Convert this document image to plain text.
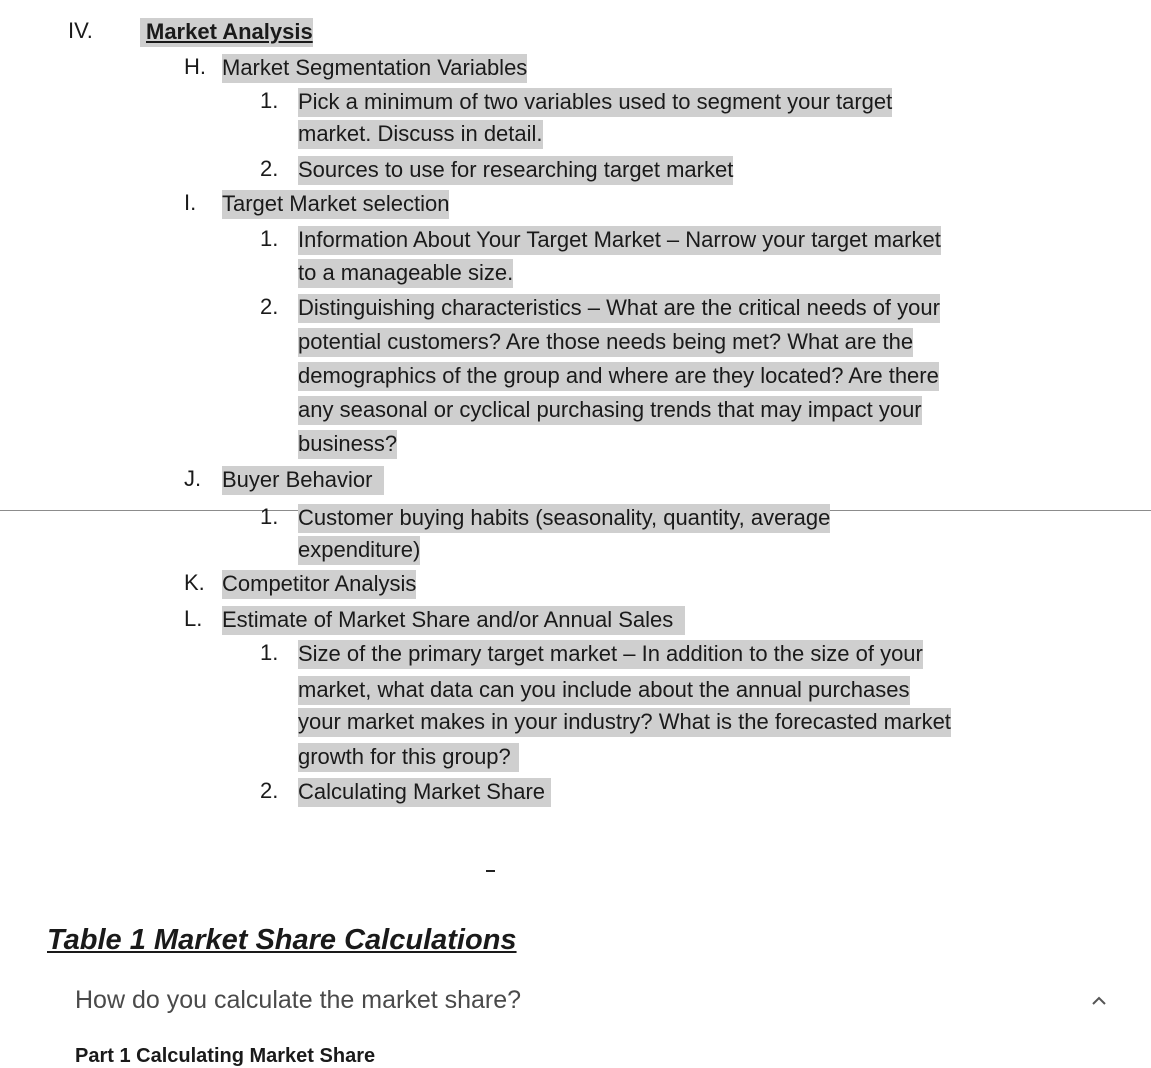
IV. Market Analysis
H. Market Segmentation Variables
1. Pick a minimum of two variables used to segment your target
market. Discuss in detail.
2. Sources to use for researching target market
I. Target Market selection
1. Information About Your Target Market – Narrow your target market
to a manageable size.
2. Distinguishing characteristics – What are the critical needs of your
potential customers? Are those needs being met? What are the
demographics of the group and where are they located? Are there
any seasonal or cyclical purchasing trends that may impact your
business?
J. Buyer Behavior
1. Customer buying habits (seasonality, quantity, average
expenditure)
K. Competitor Analysis
L. Estimate of Market Share and/or Annual Sales
1. Size of the primary target market – In addition to the size of your
market, what data can you include about the annual purchases
your market makes in your industry? What is the forecasted market
growth for this group?
2. Calculating Market Share
Table 1 Market Share Calculations
How do you calculate the market share?
Part 1 Calculating Market Share
